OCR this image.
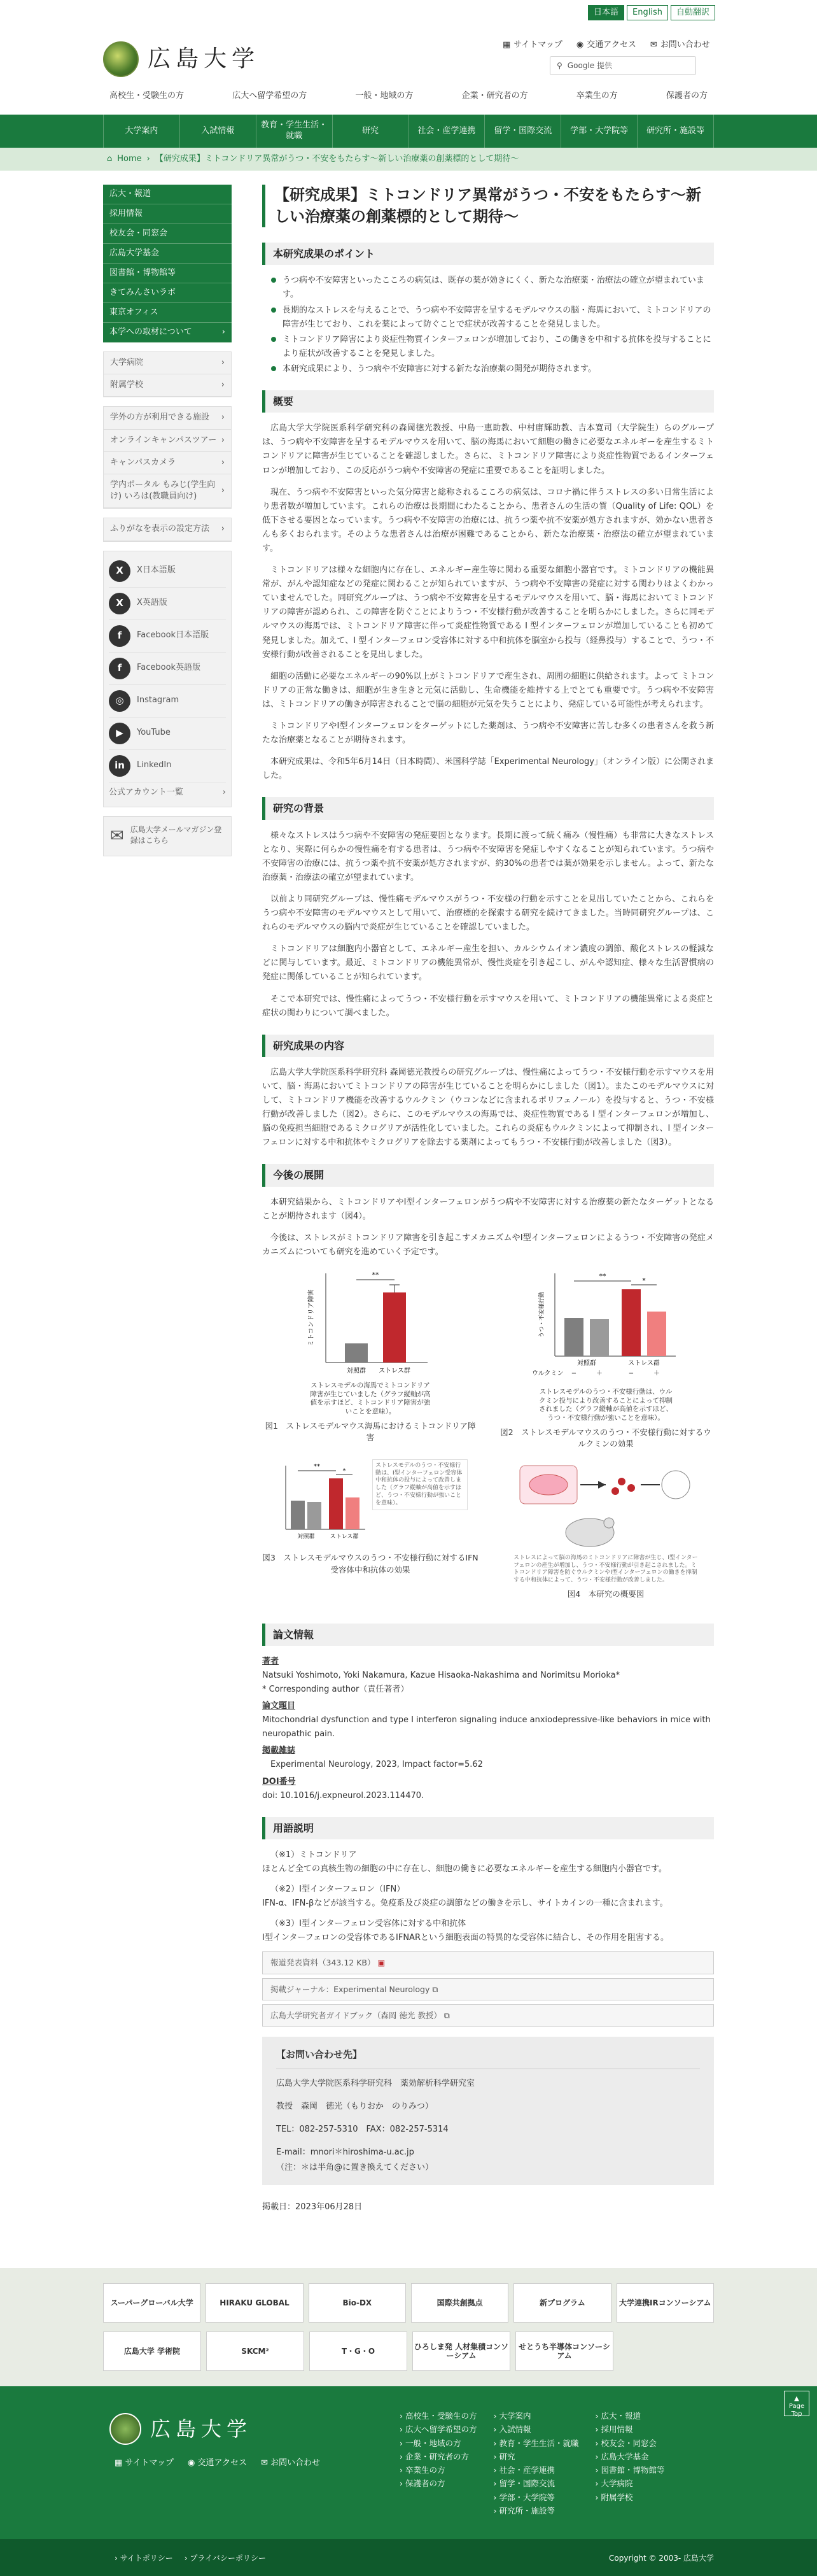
日本語	English	自動翻訳
広島大学
▦ サイトマップ ◉ 交通アクセス ✉ お問い合わせ
⚲ Google 提供
高校生・受験生の方	広大へ留学希望の方	一般・地域の方	企業・研究者の方	卒業生の方	保護者の方
大学案内	入試情報
教育・学生生活・就職
研究	社会・産学連携	留学・国際交流	学部・大学院等	研究所・施設等
⌂ Home › 【研究成果】ミトコンドリア異常がうつ・不安をもたらす〜新しい治療薬の創薬標的として期待〜
広大・報道
採用情報
校友会・同窓会
広島大学基金
図書館・博物館等
きてみんさいラボ
東京オフィス
本学への取材について ›
大学病院	›
附属学校	›
学外の方が利用できる施設 ›
オンラインキャンパスツアー ›
キャンパスカメラ	›
学内ポータル もみじ(学生向け) いろは(教職員向け)
›
ふりがなを表示の設定方法 ›
X	X日本語版
X	X英語版
f	Facebook日本語版
f	Facebook英語版
◎	Instagram
▶	YouTube
in	LinkedIn
公式アカウント一覧	›
✉ 広島大学メールマガジン登録はこちら
【研究成果】ミトコンドリア異常がうつ・不安をもたらす〜新しい治療薬の創薬標的として期待〜
本研究成果のポイント
うつ病や不安障害といったこころの病気は、既存の薬が効きにくく、新たな治療薬・治療法の確立が望まれています。
長期的なストレスを与えることで、うつ病や不安障害を呈するモデルマウスの脳・海馬において、ミトコンドリアの障害が生じており、これを薬によって防ぐことで症状が改善することを発見しました。
ミトコンドリア障害により炎症性物質インターフェロンが増加しており、この働きを中和する抗体を投与することにより症状が改善することを発見しました。
本研究成果により、うつ病や不安障害に対する新たな治療薬の開発が期待されます。
概要

広島大学大学院医系科学研究科の森岡徳光教授、中島一恵助教、中村庸輝助教、吉本寛司（大学院生）らのグループは、うつ病や不安障害を呈するモデルマウスを用いて、脳の海馬において細胞の働きに必要なエネルギーを産生するミトコンドリアに障害が生じていることを確認しました。さらに、ミトコンドリア障害により炎症性物質であるインターフェロンが増加しており、この反応がうつ病や不安障害の発症に重要であることを証明しました。

現在、うつ病や不安障害といった気分障害と総称されるこころの病気は、コロナ禍に伴うストレスの多い日常生活により患者数が増加しています。これらの治療は長期間にわたることから、患者さんの生活の質（Quality of Life: QOL）を低下させる要因となっています。うつ病や不安障害の治療には、抗うつ薬や抗不安薬が処方されますが、効かない患者さんも多くおられます。そのような患者さんは治療が困難であることから、新たな治療薬・治療法の確立が望まれています。

ミトコンドリアは様々な細胞内に存在し、エネルギー産生等に関わる重要な細胞小器官です。ミトコンドリアの機能異常が、がんや認知症などの発症に関わることが知られていますが、うつ病や不安障害の発症に対する関わりはよくわかっていませんでした。同研究グループは、うつ病や不安障害を呈するモデルマウスを用いて、脳・海馬においてミトコンドリアの障害が認められ、この障害を防ぐことによりうつ・不安様行動が改善することを明らかにしました。さらに同モデルマウスの海馬では、ミトコンドリア障害に伴って炎症性物質である I 型インターフェロンが増加していることも初めて発見しました。加えて、I 型インターフェロン受容体に対する中和抗体を脳室から投与（経鼻投与）することで、うつ・不安様行動が改善されることを見出しました。

細胞の活動に必要なエネルギーの90%以上がミトコンドリアで産生され、周囲の細胞に供給されます。よって ミトコンドリアの正常な働きは、細胞が生き生きと元気に活動し、生命機能を維持する上でとても重要です。うつ病や不安障害は、ミトコンドリアの働きが障害されることで脳の細胞が元気を失うことにより、発症している可能性が考えられます。

ミトコンドリアやI型インターフェロンをターゲットにした薬剤は、うつ病や不安障害に苦しむ多くの患者さんを救う新たな治療薬となることが期待されます。

本研究成果は、令和5年6月14日（日本時間）、米国科学誌「Experimental Neurology」（オンライン版）に公開されました。

研究の背景

様々なストレスはうつ病や不安障害の発症要因となります。長期に渡って続く痛み（慢性痛）も非常に大きなストレスとなり、実際に何らかの慢性痛を有する患者は、うつ病や不安障害を発症しやすくなることが知られています。うつ病や不安障害の治療には、抗うつ薬や抗不安薬が処方されますが、約30%の患者では薬が効果を示しません。よって、新たな治療薬・治療法の確立が望まれています。

以前より同研究グループは、慢性痛モデルマウスがうつ・不安様の行動を示すことを見出していたことから、これらをうつ病や不安障害のモデルマウスとして用いて、治療標的を探索する研究を続けてきました。当時同研究グループは、これらのモデルマウスの脳内で炎症が生じていることを確認していました。

ミトコンドリアは細胞内小器官として、エネルギー産生を担い、カルシウムイオン濃度の調節、酸化ストレスの軽減などに関与しています。最近、ミトコンドリアの機能異常が、慢性炎症を引き起こし、がんや認知症、様々な生活習慣病の発症に関係していることが知られています。

そこで本研究では、慢性痛によってうつ・不安様行動を示すマウスを用いて、ミトコンドリアの機能異常による炎症と症状の関わりについて調べました。

研究成果の内容

広島大学大学院医系科学研究科 森岡徳光教授らの研究グループは、慢性痛によってうつ・不安様行動を示すマウスを用いて、脳・海馬においてミトコンドリアの障害が生じていることを明らかにしました（図1）。またこのモデルマウスに対して、ミトコンドリア機能を改善するウルクミン（ウコンなどに含まれるポリフェノール）を投与すると、うつ・不安様行動が改善しました（図2）。さらに、このモデルマウスの海馬では、炎症性物質である I 型インターフェロンが増加し、脳の免疫担当細胞であるミクログリアが活性化していました。これらの炎症もウルクミンによって抑制され、I 型インターフェロンに対する中和抗体やミクログリアを除去する薬剤によってもうつ・不安様行動が改善しました（図3）。

今後の展開

本研究結果から、ミトコンドリアやI型インターフェロンがうつ病や不安障害に対する治療薬の新たなターゲットとなることが期待されます（図4）。

今後は、ストレスがミトコンドリア障害を引き起こすメカニズムやI型インターフェロンによるうつ・不安障害の発症メカニズムについても研究を進めていく予定です。

**
対照群 ストレス群
ミトコンドリア障害
ストレスモデルの海馬でミトコンドリア障害が生じていました（グラフ縦軸が高値を示すほど、ミトコンドリア障害が強いことを意味）。
図1　ストレスモデルマウス海馬におけるミトコンドリア障害
**
*
対照群	ストレス群
ウルクミン −	＋	−	＋
うつ・不安様行動
ストレスモデルのうつ・不安様行動は、ウルクミン投与により改善することによって抑制されました（グラフ縦軸が高値を示すほど、うつ・不安様行動が強いことを意味）。
図2　ストレスモデルマウスのうつ・不安様行動に対するウルクミンの効果
**
*
対照群	ストレス群
ストレスモデルのうつ・不安様行動は、I型インターフェロン受容体中和抗体の投与によって改善しました（グラフ縦軸が高値を示すほど、うつ・不安様行動が強いことを意味）。
図3　ストレスモデルマウスのうつ・不安様行動に対するIFN受容体中和抗体の効果
ストレスによって脳の海馬のミトコンドリアに障害が生じ、I型インターフェロンの産生が増加し、うつ・不安様行動が引き起こされました。ミトコンドリア障害を防ぐウルクミンやI型インターフェロンの働きを抑制する中和抗体によって、うつ・不安様行動が改善しました。
図4　本研究の概要図
論文情報
著者
Natsuki Yoshimoto, Yoki Nakamura, Kazue Hisaoka-Nakashima and Norimitsu Morioka*
* Corresponding author（責任著者）
論文題目
Mitochondrial dysfunction and type I interferon signaling induce anxiodepressive-like behaviors in mice with neuropathic pain.
掲載雑誌
Experimental Neurology, 2023, Impact factor=5.62
DOI番号
doi: 10.1016/j.expneurol.2023.114470.
用語説明
（※1）ミトコンドリア
ほとんど全ての真核生物の細胞の中に存在し、細胞の働きに必要なエネルギーを産生する細胞内小器官です。
（※2）I型インターフェロン（IFN）
IFN-α、IFN-βなどが該当する。免疫系及び炎症の調節などの働きを示し、サイトカインの一種に含まれます。
（※3）I型インターフェロン受容体に対する中和抗体
I型インターフェロンの受容体であるIFNARという細胞表面の特異的な受容体に結合し、その作用を阻害する。
報道発表資料（343.12 KB） ▣
掲載ジャーナル：Experimental Neurology ⧉
広島大学研究者ガイドブック（森岡 徳光 教授） ⧉
【お問い合わせ先】
広島大学大学院医系科学研究科　薬効解析科学研究室
教授　森岡　徳光（もりおか　のりみつ）
TEL：082-257-5310　FAX：082-257-5314
E-mail：mnori＊hiroshima-u.ac.jp
（注：＊は半角@に置き換えてください）
掲載日：2023年06月28日
スーパーグローバル大学	HIRAKU GLOBAL	Bio-DX	国際共創拠点	新プログラム	大学連携IRコンソーシアム
広島大学 学術院	SKCM²	T・G・O
ひろしま発 人材集積コンソーシアム
せとうち半導体コンソーシアム
広島大学
▦ サイトマップ ◉ 交通アクセス ✉ お問い合わせ
› 高校生・受験生の方
› 広大へ留学希望の方
› 一般・地域の方
› 企業・研究者の方
› 卒業生の方
› 保護者の方
› 大学案内
› 入試情報
› 教育・学生生活・就職
› 研究
› 社会・産学連携
› 留学・国際交流
› 学部・大学院等
› 研究所・施設等
› 広大・報道
› 採用情報
› 校友会・同窓会
› 広島大学基金
› 図書館・博物館等
› 大学病院
› 附属学校
▲
Page Top
› サイトポリシー › プライバシーポリシー	Copyright © 2003- 広島大学
